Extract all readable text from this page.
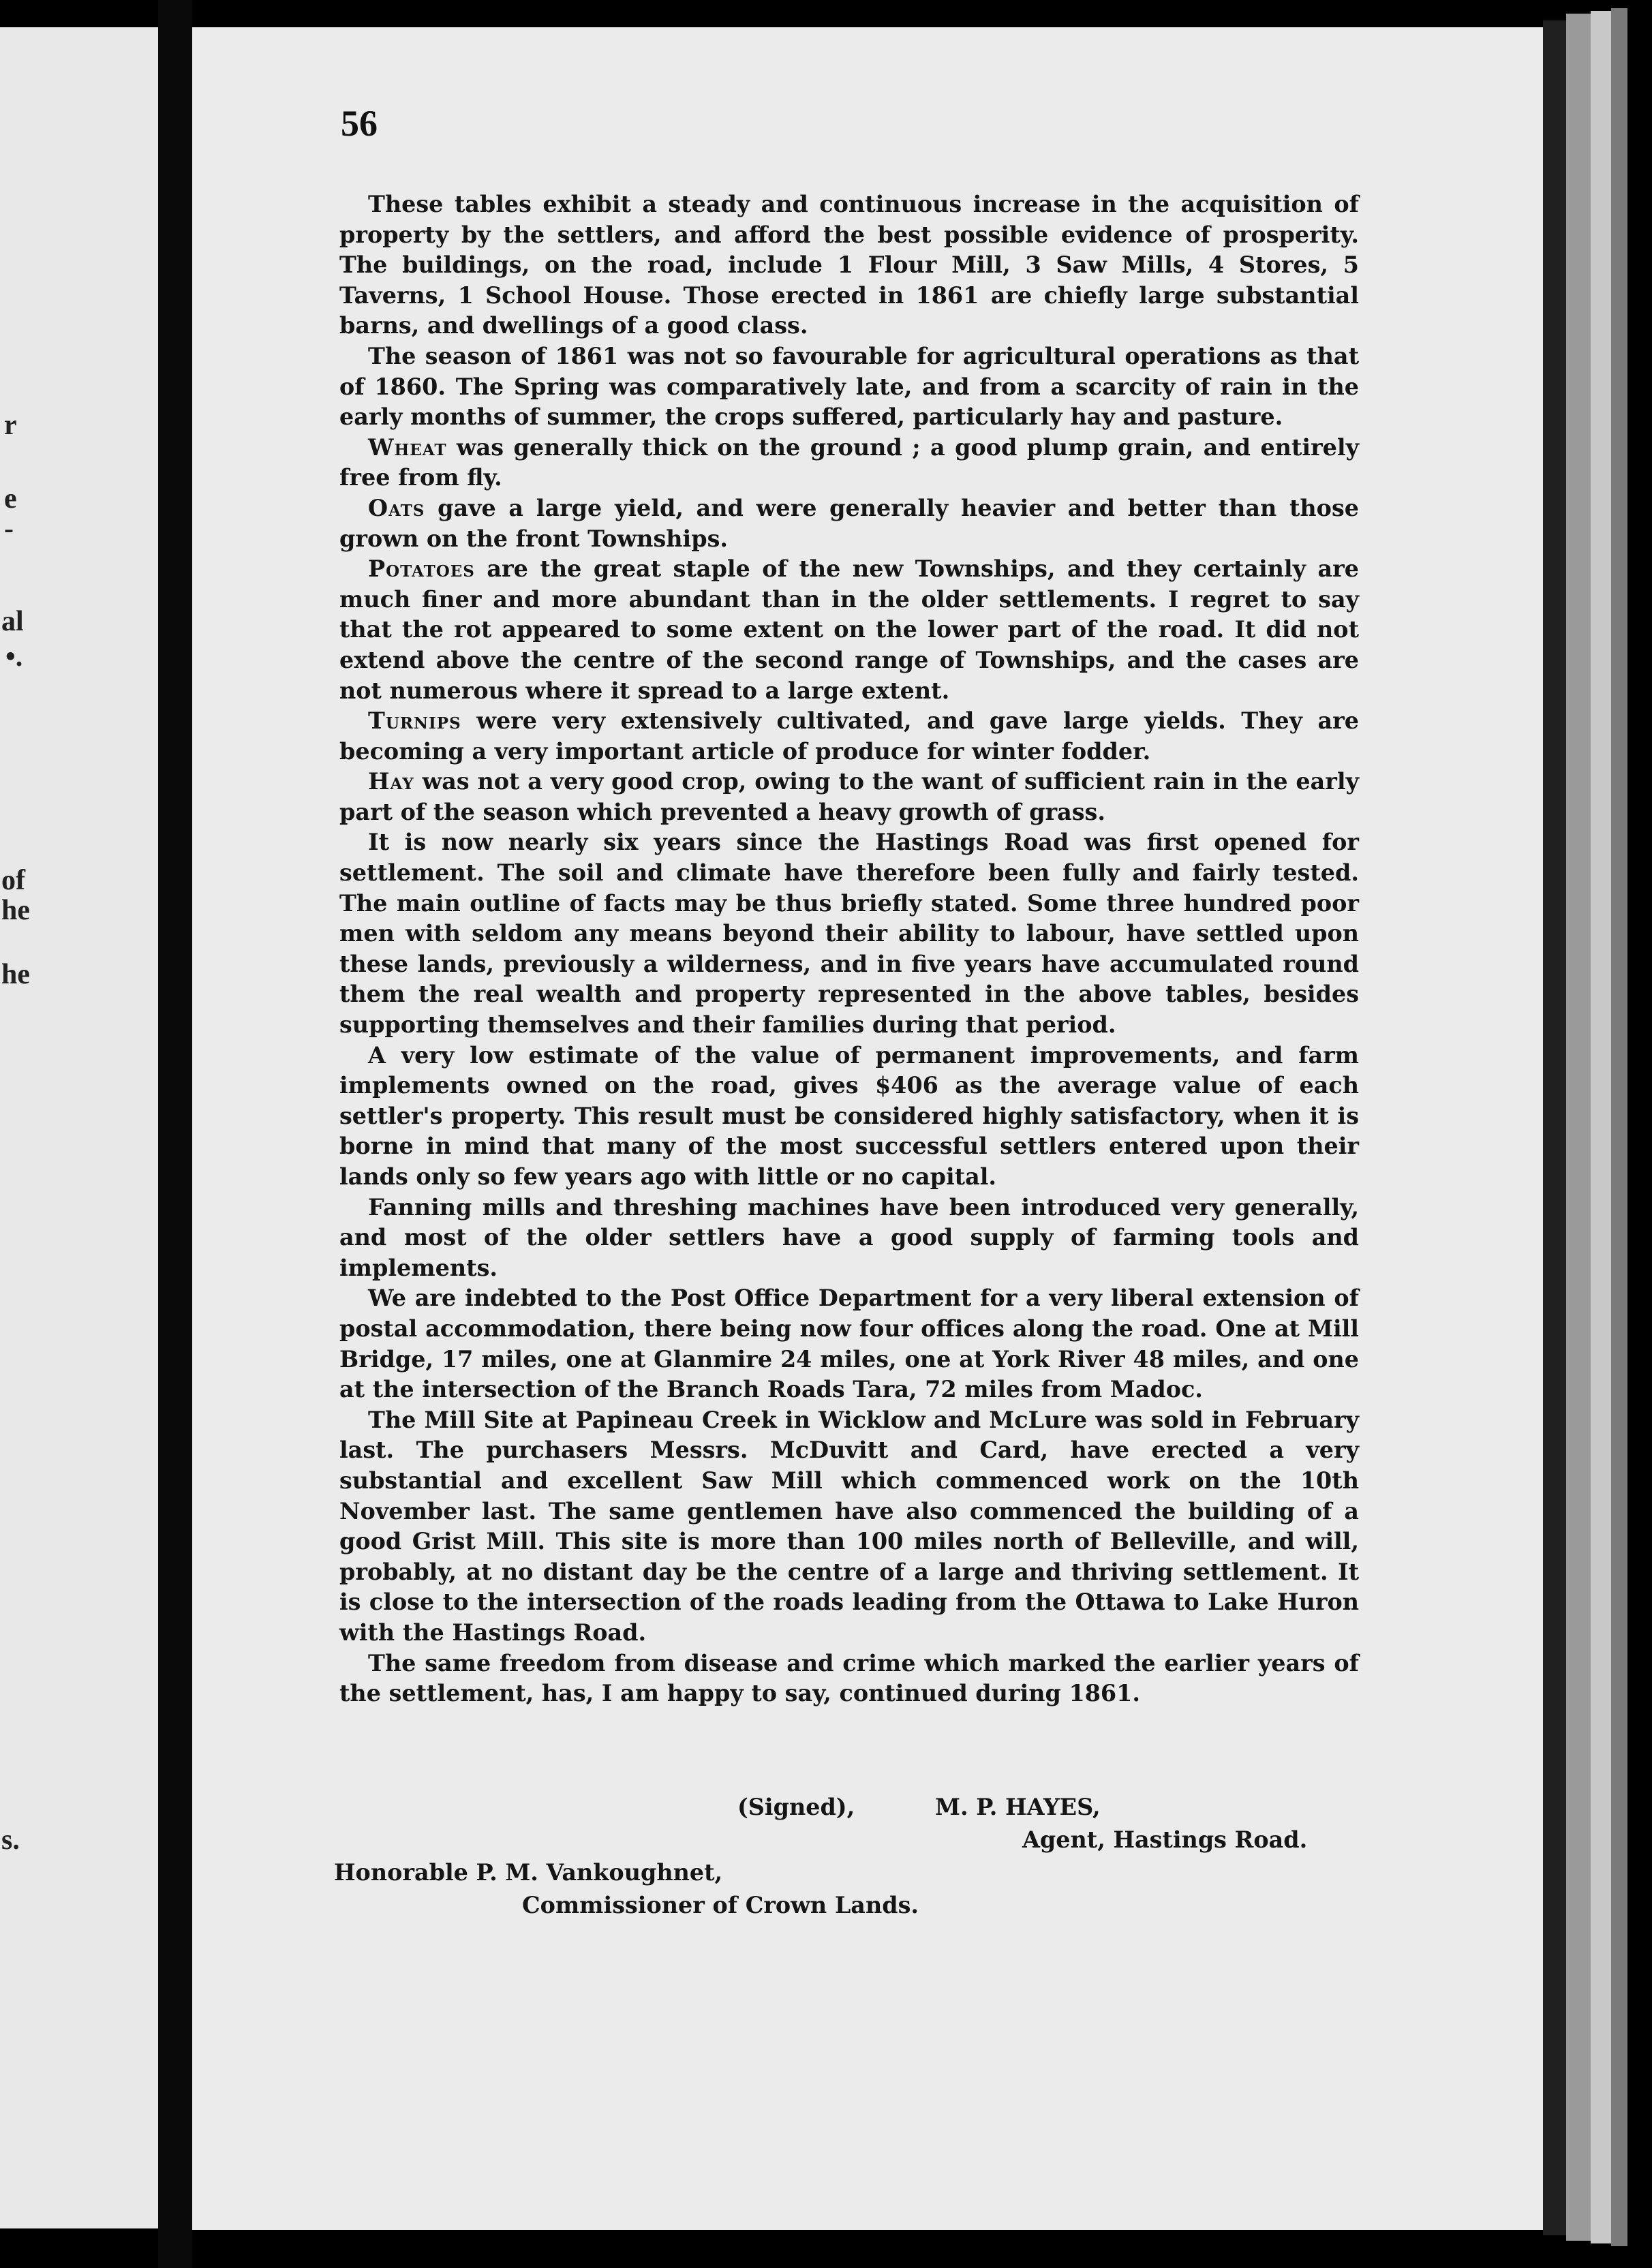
r
e
-
al
•.
of
he
he
s.
56

These tables exhibit a steady and continuous increase in the acquisition of property by the settlers, and afford the best possible evidence of prosperity. The buildings, on the road, include 1 Flour Mill, 3 Saw Mills, 4 Stores, 5 Taverns, 1 School House. Those erected in 1861 are chiefly large substantial barns, and dwellings of a good class.

The season of 1861 was not so favourable for agricultural operations as that of 1860. The Spring was comparatively late, and from a scarcity of rain in the early months of summer, the crops suffered, particularly hay and pasture.

Wheat was generally thick on the ground ; a good plump grain, and entirely free from fly.

Oats gave a large yield, and were generally heavier and better than those grown on the front Townships.

Potatoes are the great staple of the new Townships, and they certainly are much finer and more abundant than in the older settlements. I regret to say that the rot appeared to some extent on the lower part of the road. It did not extend above the centre of the second range of Townships, and the cases are not numerous where it spread to a large extent.

Turnips were very extensively cultivated, and gave large yields. They are becoming a very important article of produce for winter fodder.

Hay was not a very good crop, owing to the want of sufficient rain in the early part of the season which prevented a heavy growth of grass.

It is now nearly six years since the Hastings Road was first opened for settlement. The soil and climate have therefore been fully and fairly tested. The main outline of facts may be thus briefly stated. Some three hundred poor men with seldom any means beyond their ability to labour, have settled upon these lands, previously a wilderness, and in five years have accumulated round them the real wealth and property represented in the above tables, besides supporting themselves and their families during that period.

A very low estimate of the value of permanent improvements, and farm implements owned on the road, gives $406 as the average value of each settler's property. This result must be considered highly satisfactory, when it is borne in mind that many of the most successful settlers entered upon their lands only so few years ago with little or no capital.

Fanning mills and threshing machines have been introduced very generally, and most of the older settlers have a good supply of farming tools and implements.

We are indebted to the Post Office Department for a very liberal extension of postal accommodation, there being now four offices along the road. One at Mill Bridge, 17 miles, one at Glanmire 24 miles, one at York River 48 miles, and one at the intersection of the Branch Roads Tara, 72 miles from Madoc.

The Mill Site at Papineau Creek in Wicklow and McLure was sold in February last. The purchasers Messrs. McDuvitt and Card, have erected a very substantial and excellent Saw Mill which commenced work on the 10th November last. The same gentlemen have also commenced the building of a good Grist Mill. This site is more than 100 miles north of Belleville, and will, probably, at no distant day be the centre of a large and thriving settlement. It is close to the intersection of the roads leading from the Ottawa to Lake Huron with the Hastings Road.

The same freedom from disease and crime which marked the earlier years of the settlement, has, I am happy to say, continued during 1861.

(Signed),	M. P. HAYES,

Agent, Hastings Road.

Honorable P. M. Vankoughnet,

Commissioner of Crown Lands.
